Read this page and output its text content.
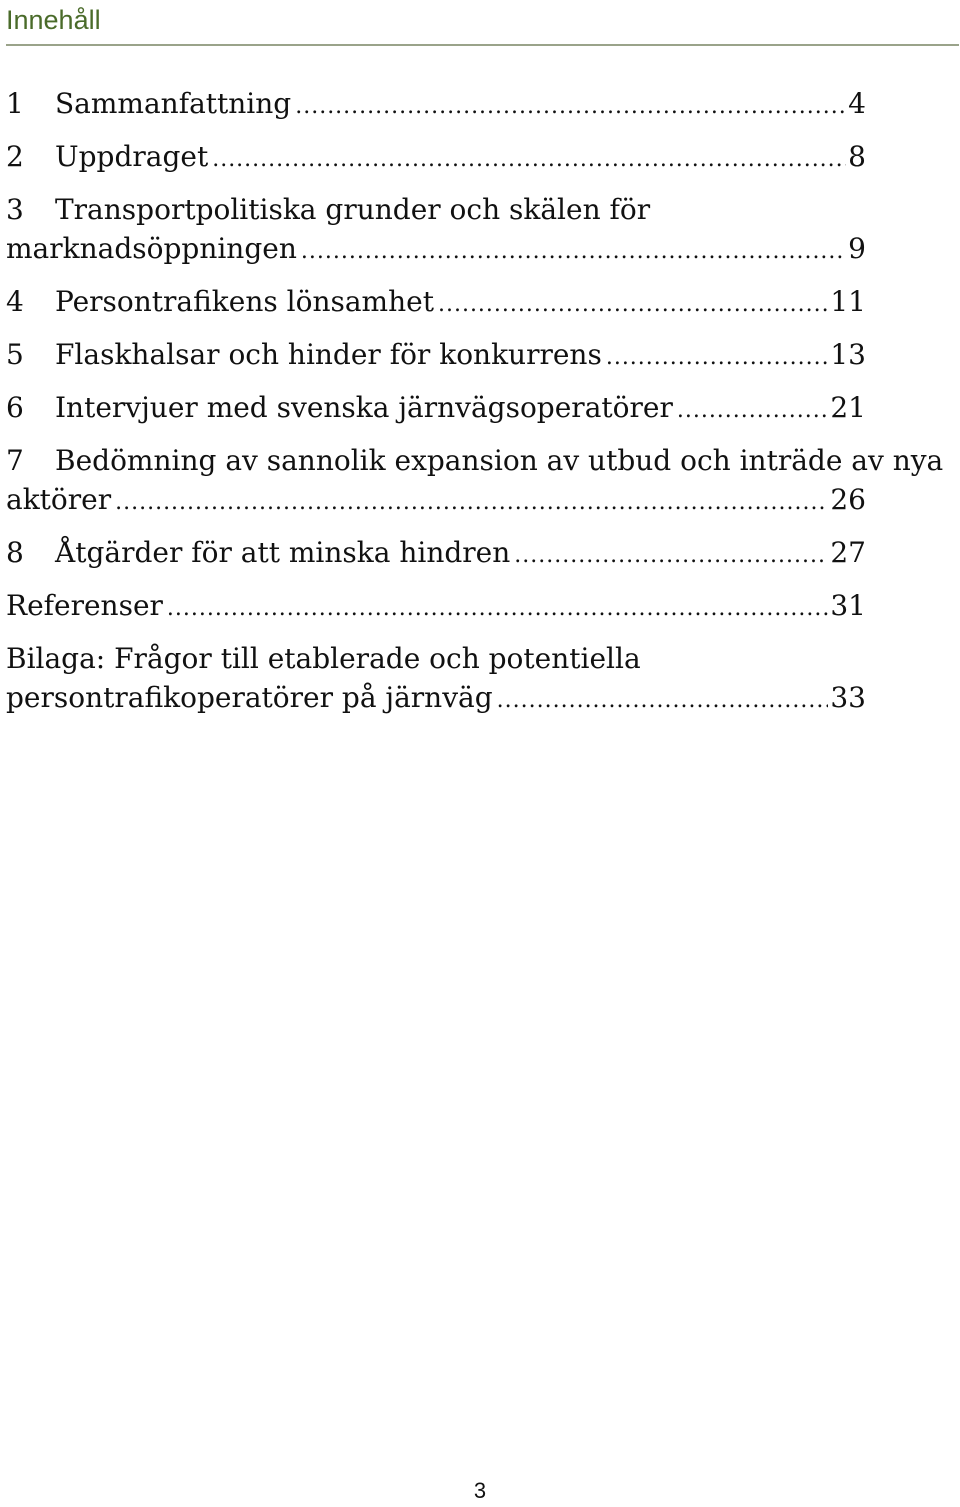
Innehåll
1	Sammanfattning .....	4
2	Uppdraget .....	8
3	Transportpolitiska grunder och skälen för
marknadsöppningen .....	9
4	Persontrafikens lönsamhet .....	11
5	Flaskhalsar och hinder för konkurrens .....	13
6	Intervjuer med svenska järnvägsoperatörer .....	21
7	Bedömning av sannolik expansion av utbud och inträde av nya
aktörer .....	26
8	Åtgärder för att minska hindren .....	27
Referenser .....	31
Bilaga: Frågor till etablerade och potentiella
persontrafikoperatörer på järnväg .....	33
3
